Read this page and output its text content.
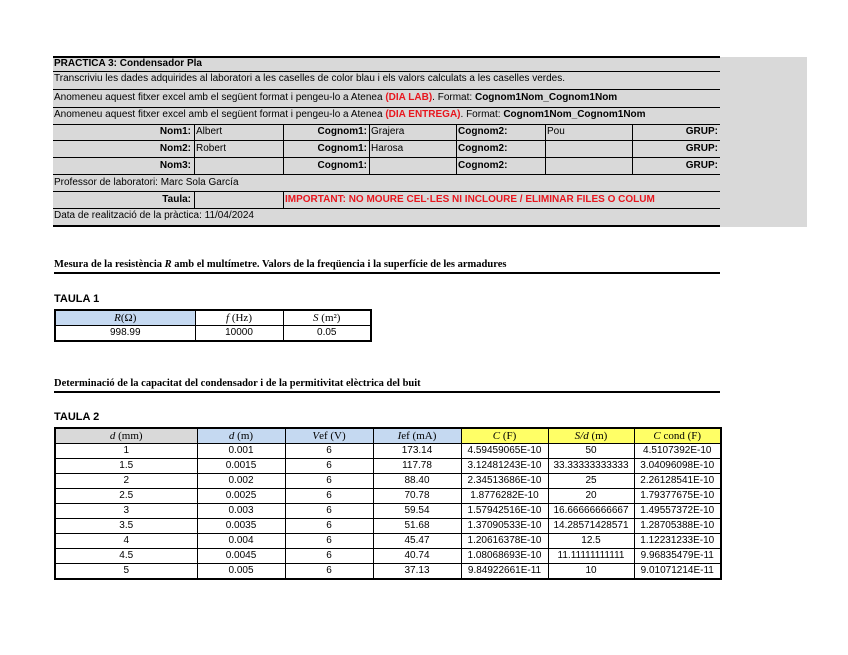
PRACTICA 3: Condensador Pla
Transcriviu les dades adquirides al laboratori a les caselles de color blau i els valors calculats a les caselles verdes.
Anomeneu aquest fitxer excel amb el següent format i pengeu-lo a Atenea (DIA LAB). Format: Cognom1Nom_Cognom1Nom
Anomeneu aquest fitxer excel amb el següent format i pengeu-lo a Atenea (DIA ENTREGA). Format: Cognom1Nom_Cognom1Nom
Nom1: Albert	Cognom1: Grajera	Cognom2:	Pou	GRUP:
Nom2: Robert	Cognom1: Harosa	Cognom2:	GRUP:
Nom3:	Cognom1:	Cognom2:	GRUP:
Professor de laboratori: Marc Sola García
Taula:	IMPORTANT: NO MOURE CEL·LES NI INCLOURE / ELIMINAR FILES O COLUM
Data de realització de la pràctica: 11/04/2024
Mesura de la resistència R amb el multímetre. Valors de la freqüencia i la superfície de les armadures
TAULA 1
R(Ω)	f (Hz)	S (m²)
998.99	10000	0.05
Determinació de la capacitat del condensador i de la permitivitat elèctrica del buit
TAULA 2
d (mm)	d (m)	Vef (V)	Ief (mA)	C (F)	S/d (m)	C cond (F)
1	0.001	6	173.14	4.59459065E-10	50	4.5107392E-10
1.5	0.0015	6	117.78	3.12481243E-10	33.33333333333	3.04096098E-10
2	0.002	6	88.40	2.34513686E-10	25	2.26128541E-10
2.5	0.0025	6	70.78	1.8776282E-10	20	1.79377675E-10
3	0.003	6	59.54	1.57942516E-10	16.66666666667	1.49557372E-10
3.5	0.0035	6	51.68	1.37090533E-10	14.28571428571	1.28705388E-10
4	0.004	6	45.47	1.20616378E-10	12.5	1.12231233E-10
4.5	0.0045	6	40.74	1.08068693E-10	11.11111111111	9.96835479E-11
5	0.005	6	37.13	9.84922661E-11	10	9.01071214E-11
